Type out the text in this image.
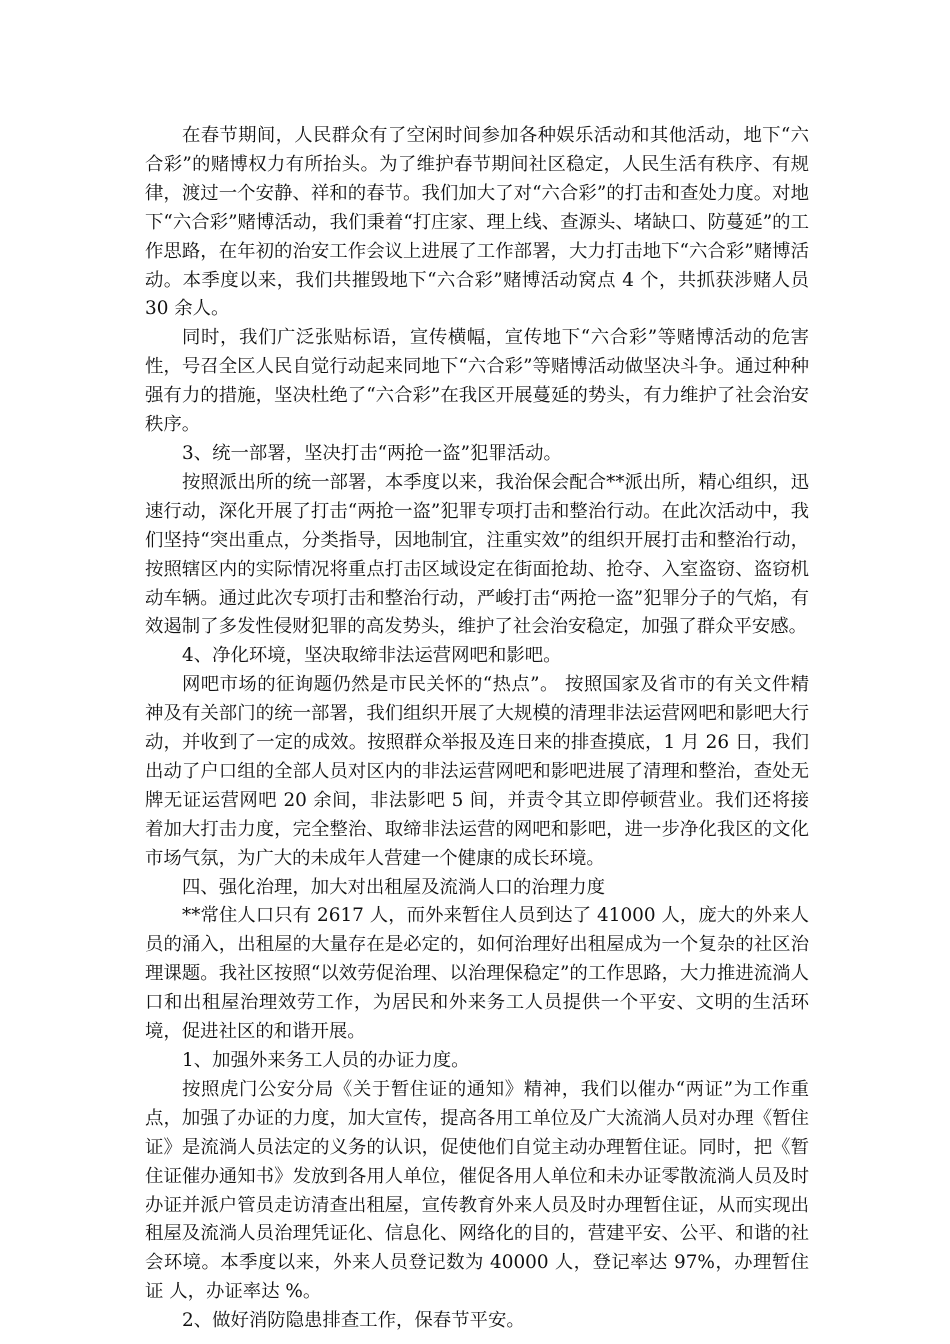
在春节期间，人民群众有了空闲时间参加各种娱乐活动和其他活动，地下“六合彩”的赌博权力有所抬头。为了维护春节期间社区稳定，人民生活有秩序、有规律，渡过一个安静、祥和的春节。我们加大了对“六合彩”的打击和查处力度。对地下“六合彩”赌博活动，我们秉着“打庄家、理上线、查源头、堵缺口、防蔓延”的工作思路，在年初的治安工作会议上进展了工作部署，大力打击地下“六合彩”赌博活动。本季度以来，我们共摧毁地下“六合彩”赌博活动窝点 4 个，共抓获涉赌人员 30 余人。

同时，我们广泛张贴标语，宣传横幅，宣传地下“六合彩”等赌博活动的危害性，号召全区人民自觉行动起来同地下“六合彩”等赌博活动做坚决斗争。通过种种强有力的措施，坚决杜绝了“六合彩”在我区开展蔓延的势头，有力维护了社会治安秩序。

3、统一部署，坚决打击“两抢一盗”犯罪活动。

按照派出所的统一部署，本季度以来，我治保会配合**派出所，精心组织，迅速行动，深化开展了打击“两抢一盗”犯罪专项打击和整治行动。在此次活动中，我们坚持“突出重点，分类指导，因地制宜，注重实效”的组织开展打击和整治行动，按照辖区内的实际情况将重点打击区域设定在街面抢劫、抢夺、入室盗窃、盗窃机动车辆。通过此次专项打击和整治行动，严峻打击“两抢一盗”犯罪分子的气焰，有效遏制了多发性侵财犯罪的高发势头，维护了社会治安稳定，加强了群众平安感。

4、净化环境，坚决取缔非法运营网吧和影吧。

网吧市场的征询题仍然是市民关怀的“热点”。 按照国家及省市的有关文件精神及有关部门的统一部署，我们组织开展了大规模的清理非法运营网吧和影吧大行动，并收到了一定的成效。按照群众举报及连日来的排查摸底，1 月 26 日，我们出动了户口组的全部人员对区内的非法运营网吧和影吧进展了清理和整治，查处无牌无证运营网吧 20 余间，非法影吧 5 间，并责令其立即停顿营业。我们还将接着加大打击力度，完全整治、取缔非法运营的网吧和影吧，进一步净化我区的文化市场气氛，为广大的未成年人营建一个健康的成长环境。

四、强化治理，加大对出租屋及流淌人口的治理力度

**常住人口只有 2617 人，而外来暂住人员到达了 41000 人，庞大的外来人员的涌入，出租屋的大量存在是必定的，如何治理好出租屋成为一个复杂的社区治理课题。我社区按照“以效劳促治理、以治理保稳定”的工作思路，大力推进流淌人口和出租屋治理效劳工作，为居民和外来务工人员提供一个平安、文明的生活环境，促进社区的和谐开展。

1、加强外来务工人员的办证力度。

按照虎门公安分局《关于暂住证的通知》精神，我们以催办“两证”为工作重点，加强了办证的力度，加大宣传，提高各用工单位及广大流淌人员对办理《暂住证》是流淌人员法定的义务的认识，促使他们自觉主动办理暂住证。同时，把《暂住证催办通知书》发放到各用人单位，催促各用人单位和未办证零散流淌人员及时办证并派户管员走访清查出租屋，宣传教育外来人员及时办理暂住证，从而实现出租屋及流淌人员治理凭证化、信息化、网络化的目的，营建平安、公平、和谐的社会环境。本季度以来，外来人员登记数为 40000 人，登记率达 97%，办理暂住证 人，办证率达 %。

2、做好消防隐患排查工作，保春节平安。
